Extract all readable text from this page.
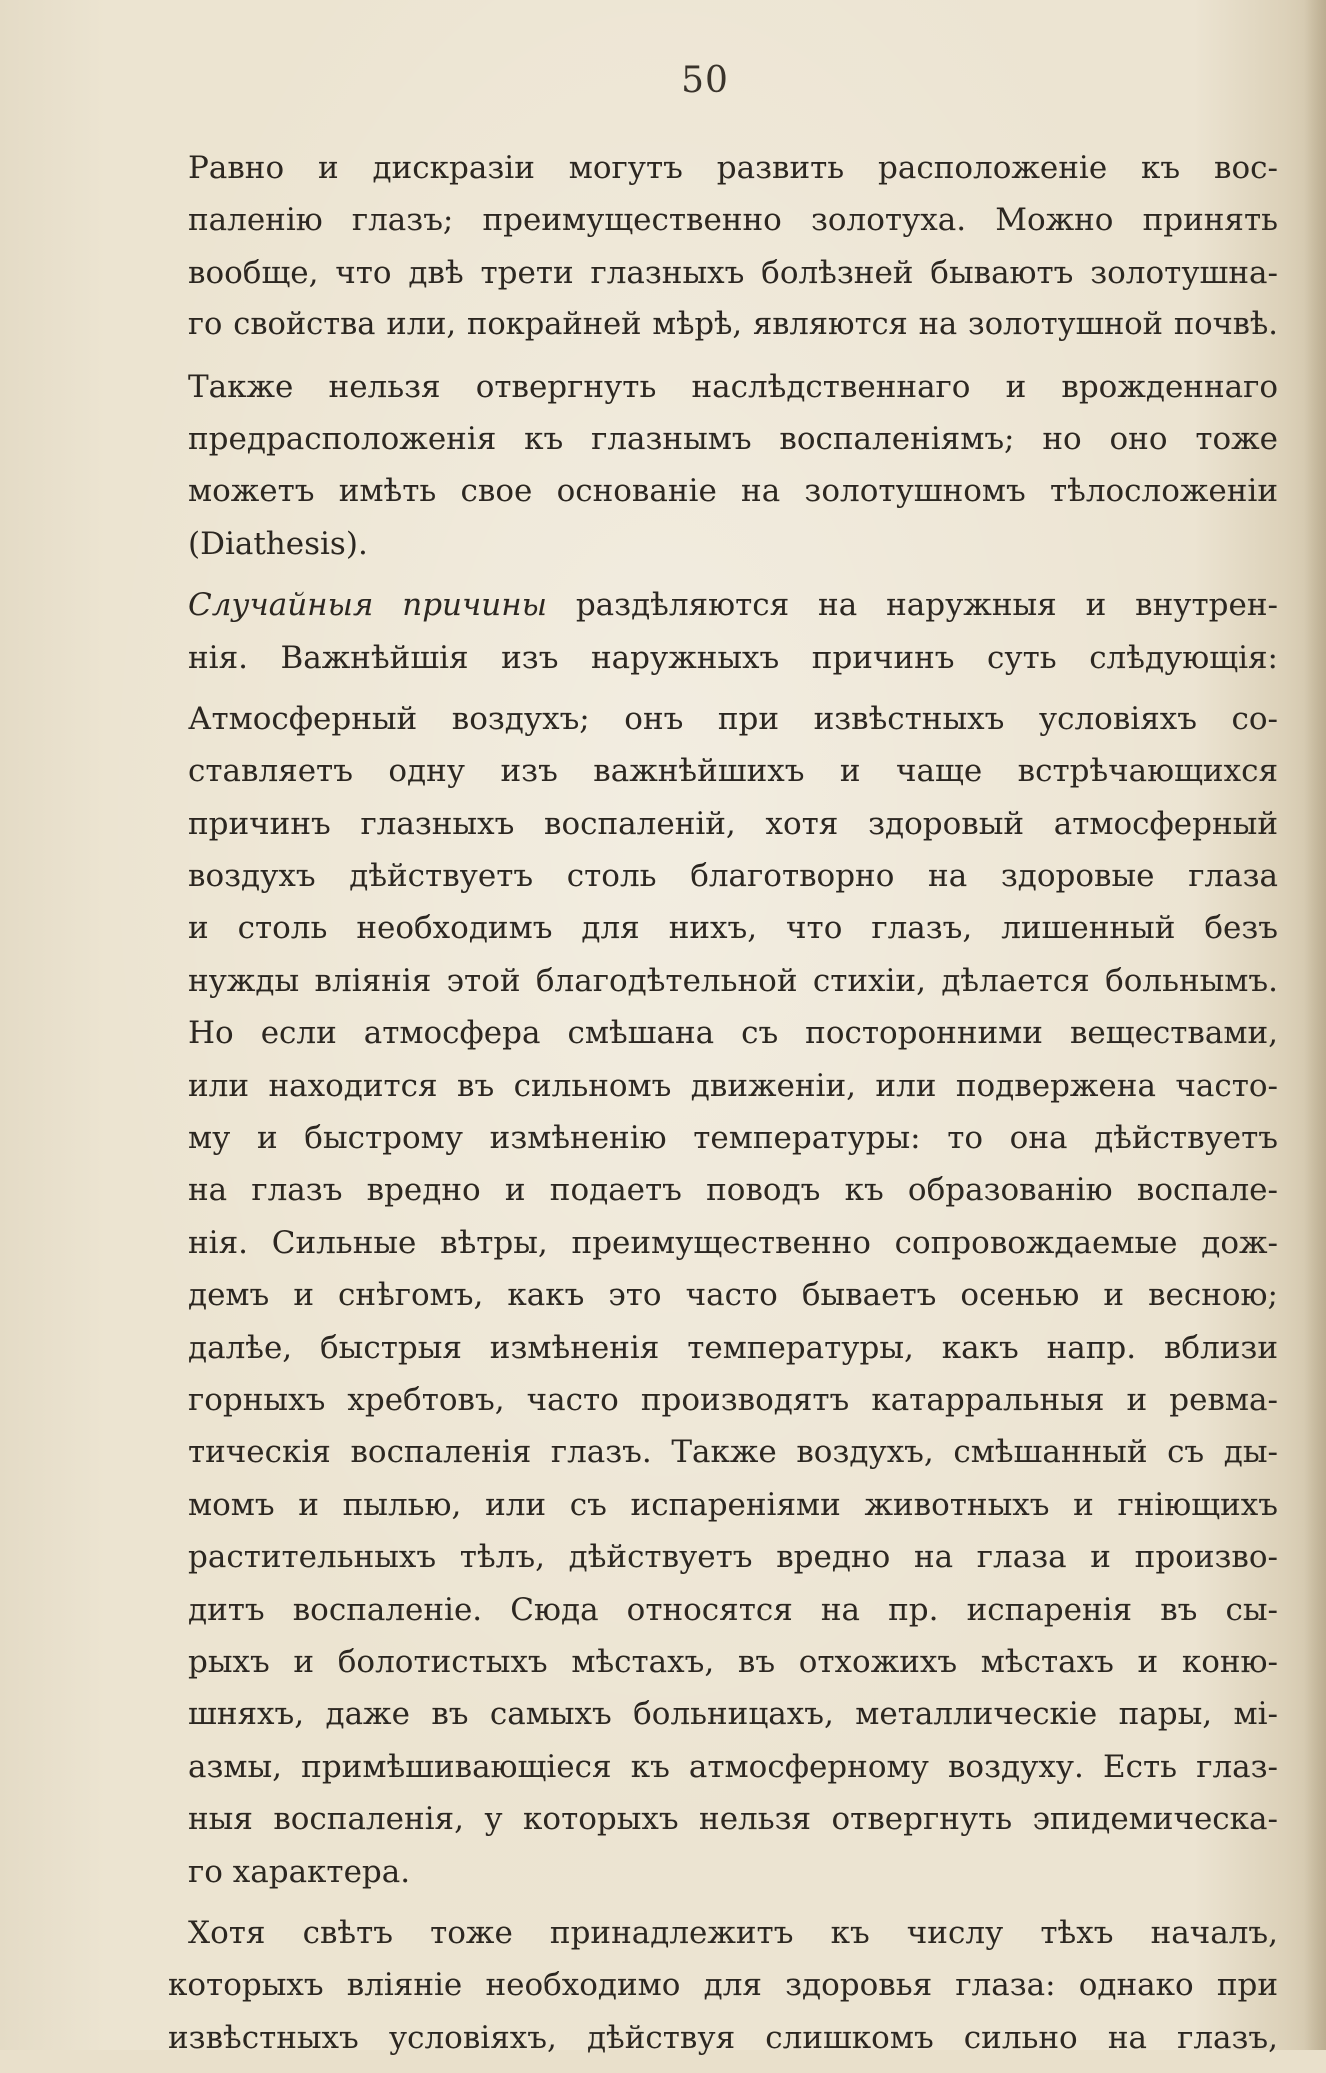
50
Равно и дискразіи могутъ развить расположеніе къ вос-
паленію глазъ; преимущественно золотуха. Можно принять
вообще, что двѣ трети глазныхъ болѣзней бываютъ золотушна-
го свойства или, покрайней мѣрѣ, являются на золотушной почвѣ.
Также нельзя отвергнуть наслѣдственнаго и врожденнаго
предрасположенія къ глазнымъ воспаленіямъ; но оно тоже
можетъ имѣть свое основаніе на золотушномъ тѣлосложеніи
(Diathesis).
Случайныя причины раздѣляются на наружныя и внутрен-
нія. Важнѣйшія изъ наружныхъ причинъ суть слѣдующія:
Атмосферный воздухъ; онъ при извѣстныхъ условіяхъ со-
ставляетъ одну изъ важнѣйшихъ и чаще встрѣчающихся
причинъ глазныхъ воспаленій, хотя здоровый атмосферный
воздухъ дѣйствуетъ столь благотворно на здоровые глаза
и столь необходимъ для нихъ, что глазъ, лишенный безъ
нужды вліянія этой благодѣтельной стихіи, дѣлается больнымъ.
Но если атмосфера смѣшана съ посторонними веществами,
или находится въ сильномъ движеніи, или подвержена часто-
му и быстрому измѣненію температуры: то она дѣйствуетъ
на глазъ вредно и подаетъ поводъ къ образованію воспале-
нія. Сильные вѣтры, преимущественно сопровождаемые дож-
демъ и снѣгомъ, какъ это часто бываетъ осенью и весною;
далѣе, быстрыя измѣненія температуры, какъ напр. вблизи
горныхъ хребтовъ, часто производятъ катарральныя и ревма-
тическія воспаленія глазъ. Также воздухъ, смѣшанный съ ды-
момъ и пылью, или съ испареніями животныхъ и гніющихъ
растительныхъ тѣлъ, дѣйствуетъ вредно на глаза и произво-
дитъ воспаленіе. Сюда относятся на пр. испаренія въ сы-
рыхъ и болотистыхъ мѣстахъ, въ отхожихъ мѣстахъ и коню-
шняхъ, даже въ самыхъ больницахъ, металлическіе пары, мі-
азмы, примѣшивающіеся къ атмосферному воздуху. Есть глаз-
ныя воспаленія, у которыхъ нельзя отвергнуть эпидемическа-
го характера.
Хотя свѣтъ тоже принадлежитъ къ числу тѣхъ началъ,
которыхъ вліяніе необходимо для здоровья глаза: однако при
извѣстныхъ условіяхъ, дѣйствуя слишкомъ сильно на глазъ,
